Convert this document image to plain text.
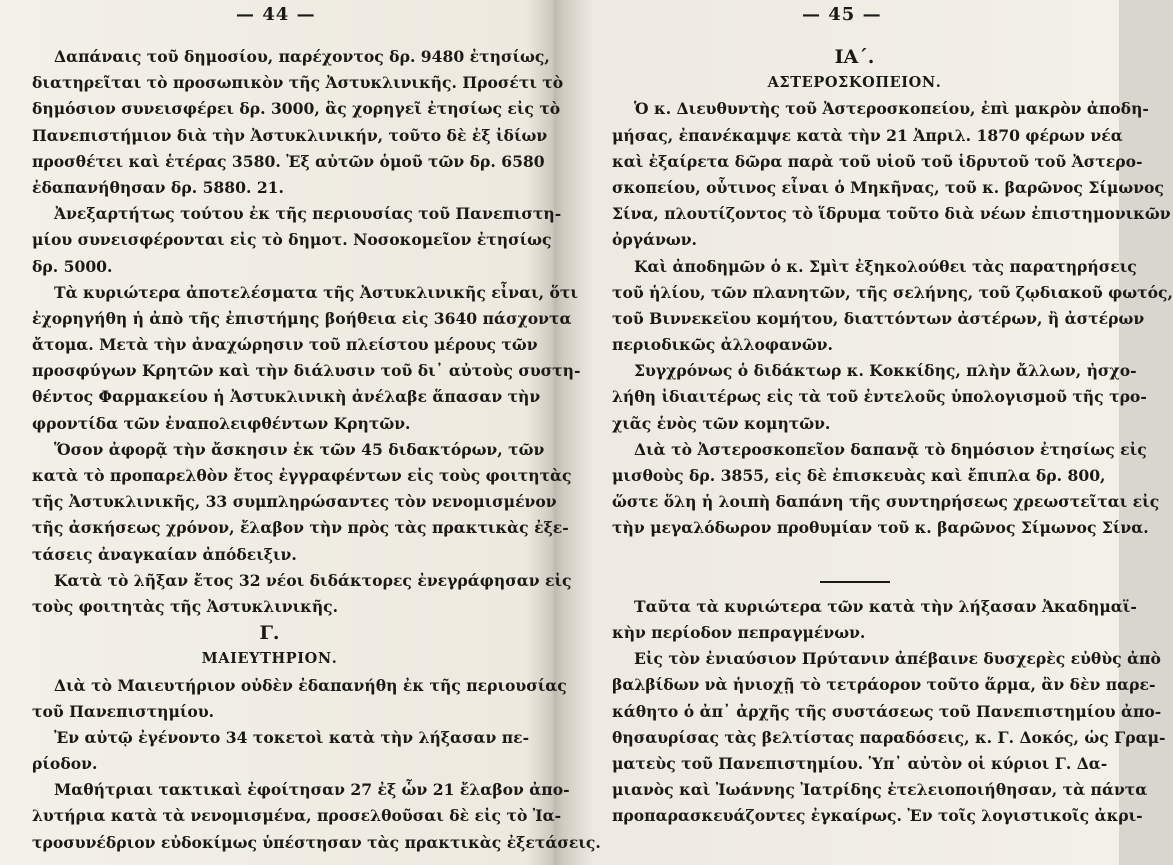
— 44 —
Δαπάναις τοῦ δημοσίου, παρέχοντος δρ. 9480 ἐτησίως,
διατηρεῖται τὸ προσωπικὸν τῆς Ἀστυκλινικῆς. Προσέτι τὸ
δημόσιον συνεισφέρει δρ. 3000, ἃς χορηγεῖ ἐτησίως εἰς τὸ
Πανεπιστήμιον διὰ τὴν Ἀστυκλινικήν, τοῦτο δὲ ἐξ ἰδίων
προσθέτει καὶ ἑτέρας 3580. Ἐξ αὐτῶν ὁμοῦ τῶν δρ. 6580
ἐδαπανήθησαν δρ. 5880. 21.
Ἀνεξαρτήτως τούτου ἐκ τῆς περιουσίας τοῦ Πανεπιστη-
μίου συνεισφέρονται εἰς τὸ δημοτ. Νοσοκομεῖον ἐτησίως
δρ. 5000.
Τὰ κυριώτερα ἀποτελέσματα τῆς Ἀστυκλινικῆς εἶναι, ὅτι
ἐχορηγήθη ἡ ἀπὸ τῆς ἐπιστήμης βοήθεια εἰς 3640 πάσχοντα
ἄτομα. Μετὰ τὴν ἀναχώρησιν τοῦ πλείστου μέρους τῶν
προσφύγων Κρητῶν καὶ τὴν διάλυσιν τοῦ δι᾽ αὐτοὺς συστη-
θέντος Φαρμακείου ἡ Ἀστυκλινικὴ ἀνέλαβε ἅπασαν τὴν
φροντίδα τῶν ἐναπολειφθέντων Κρητῶν.
Ὅσον ἀφορᾷ τὴν ἄσκησιν ἐκ τῶν 45 διδακτόρων, τῶν
κατὰ τὸ προπαρελθὸν ἔτος ἐγγραφέντων εἰς τοὺς φοιτητὰς
τῆς Ἀστυκλινικῆς, 33 συμπληρώσαντες τὸν νενομισμένον
τῆς ἀσκήσεως χρόνον, ἔλαβον τὴν πρὸς τὰς πρακτικὰς ἐξε-
τάσεις ἀναγκαίαν ἀπόδειξιν.
Κατὰ τὸ λῆξαν ἔτος 32 νέοι διδάκτορες ἐνεγράφησαν εἰς
τοὺς φοιτητὰς τῆς Ἀστυκλινικῆς.
Γ.
ΜΑΙΕΥΤΗΡΙΟΝ.
Διὰ τὸ Μαιευτήριον οὐδὲν ἐδαπανήθη ἐκ τῆς περιουσίας
τοῦ Πανεπιστημίου.
Ἐν αὐτῷ ἐγένοντο 34 τοκετοὶ κατὰ τὴν λήξασαν πε-
ρίοδον.
Μαθήτριαι τακτικαὶ ἐφοίτησαν 27 ἐξ ὧν 21 ἔλαβον ἀπο-
λυτήρια κατὰ τὰ νενομισμένα, προσελθοῦσαι δὲ εἰς τὸ Ἰα-
τροσυνέδριον εὐδοκίμως ὑπέστησαν τὰς πρακτικὰς ἐξετάσεις.
— 45 —
ΙΑ΄.
ΑΣΤΕΡΟΣΚΟΠΕΙΟΝ.
Ὁ κ. Διευθυντὴς τοῦ Ἀστεροσκοπείου, ἐπὶ μακρὸν ἀποδη-
μήσας, ἐπανέκαμψε κατὰ τὴν 21 Ἀπριλ. 1870 φέρων νέα
καὶ ἐξαίρετα δῶρα παρὰ τοῦ υἱοῦ τοῦ ἱδρυτοῦ τοῦ Ἀστερο-
σκοπείου, οὗτινος εἶναι ὁ Μηκῆνας, τοῦ κ. βαρῶνος Σίμωνος
Σίνα, πλουτίζοντος τὸ ἵδρυμα τοῦτο διὰ νέων ἐπιστημονικῶν
ὀργάνων.
Καὶ ἀποδημῶν ὁ κ. Σμὶτ ἐξηκολούθει τὰς παρατηρήσεις
τοῦ ἡλίου, τῶν πλανητῶν, τῆς σελήνης, τοῦ ζῳδιακοῦ φωτός,
τοῦ Βιννεκεϊου κομήτου, διαττόντων ἀστέρων, ἢ ἀστέρων
περιοδικῶς ἀλλοφανῶν.
Συγχρόνως ὁ διδάκτωρ κ. Κοκκίδης, πλὴν ἄλλων, ἠσχο-
λήθη ἰδιαιτέρως εἰς τὰ τοῦ ἐντελοῦς ὑπολογισμοῦ τῆς τρο-
χιᾶς ἑνὸς τῶν κομητῶν.
Διὰ τὸ Ἀστεροσκοπεῖον δαπανᾷ τὸ δημόσιον ἐτησίως εἰς
μισθοὺς δρ. 3855, εἰς δὲ ἐπισκευὰς καὶ ἔπιπλα δρ. 800,
ὥστε ὅλη ἡ λοιπὴ δαπάνη τῆς συντηρήσεως χρεωστεῖται εἰς
τὴν μεγαλόδωρον προθυμίαν τοῦ κ. βαρῶνος Σίμωνος Σίνα.
Ταῦτα τὰ κυριώτερα τῶν κατὰ τὴν λήξασαν Ἀκαδημαϊ-
κὴν περίοδον πεπραγμένων.
Εἰς τὸν ἐνιαύσιον Πρύτανιν ἀπέβαινε δυσχερὲς εὐθὺς ἀπὸ
βαλβίδων νὰ ἡνιοχῇ τὸ τετράορον τοῦτο ἅρμα, ἂν δὲν παρε-
κάθητο ὁ ἀπ᾽ ἀρχῆς τῆς συστάσεως τοῦ Πανεπιστημίου ἀπο-
θησαυρίσας τὰς βελτίστας παραδόσεις, κ. Γ. Δοκός, ὡς Γραμ-
ματεὺς τοῦ Πανεπιστημίου. Ὑπ᾽ αὐτὸν οἱ κύριοι Γ. Δα-
μιανὸς καὶ Ἰωάννης Ἰατρίδης ἐτελειοποιήθησαν, τὰ πάντα
προπαρασκευάζοντες ἐγκαίρως. Ἐν τοῖς λογιστικοῖς ἀκρι-
